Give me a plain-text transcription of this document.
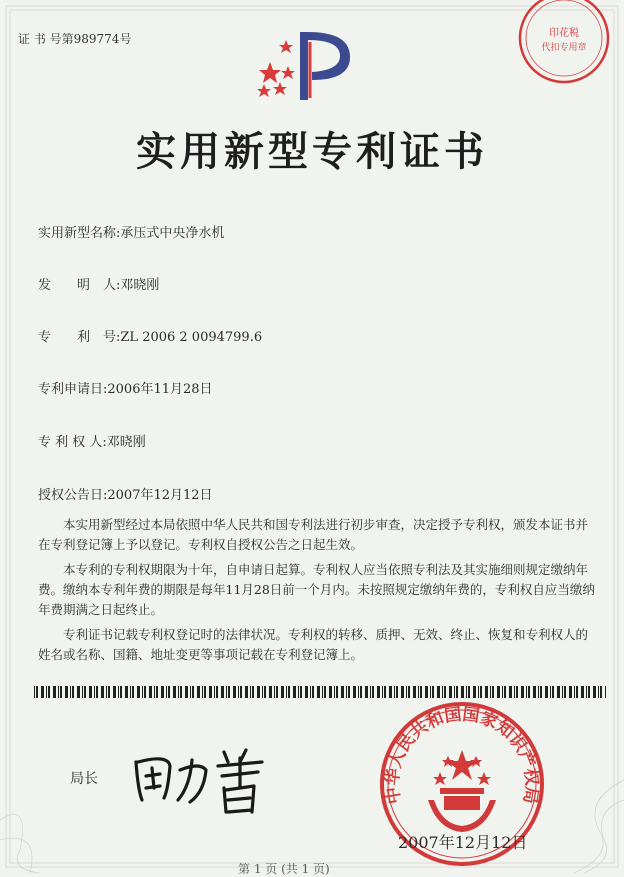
证 书 号第989774号	印花税
代扣专用章
实用新型专利证书
实用新型名称:承压式中央净水机
发　　明　人:邓晓刚
专　　利　号:ZL 2006 2 0094799.6
专利申请日:2006年11月28日
专 利 权 人:邓晓刚
授权公告日:2007年12月12日

本实用新型经过本局依照中华人民共和国专利法进行初步审查，决定授予专利权，颁发本证书并在专利登记簿上予以登记。专利权自授权公告之日起生效。

本专利的专利权期限为十年，自申请日起算。专利权人应当依照专利法及其实施细则规定缴纳年费。缴纳本专利年费的期限是每年11月28日前一个月内。未按照规定缴纳年费的，专利权自应当缴纳年费期满之日起终止。

专利证书记载专利权登记时的法律状况。专利权的转移、质押、无效、终止、恢复和专利权人的姓名或名称、国籍、地址变更等事项记载在专利登记簿上。

局长
中华人民共和国国家知识产权局
2007年12月12日
第 1 页 (共 1 页)
